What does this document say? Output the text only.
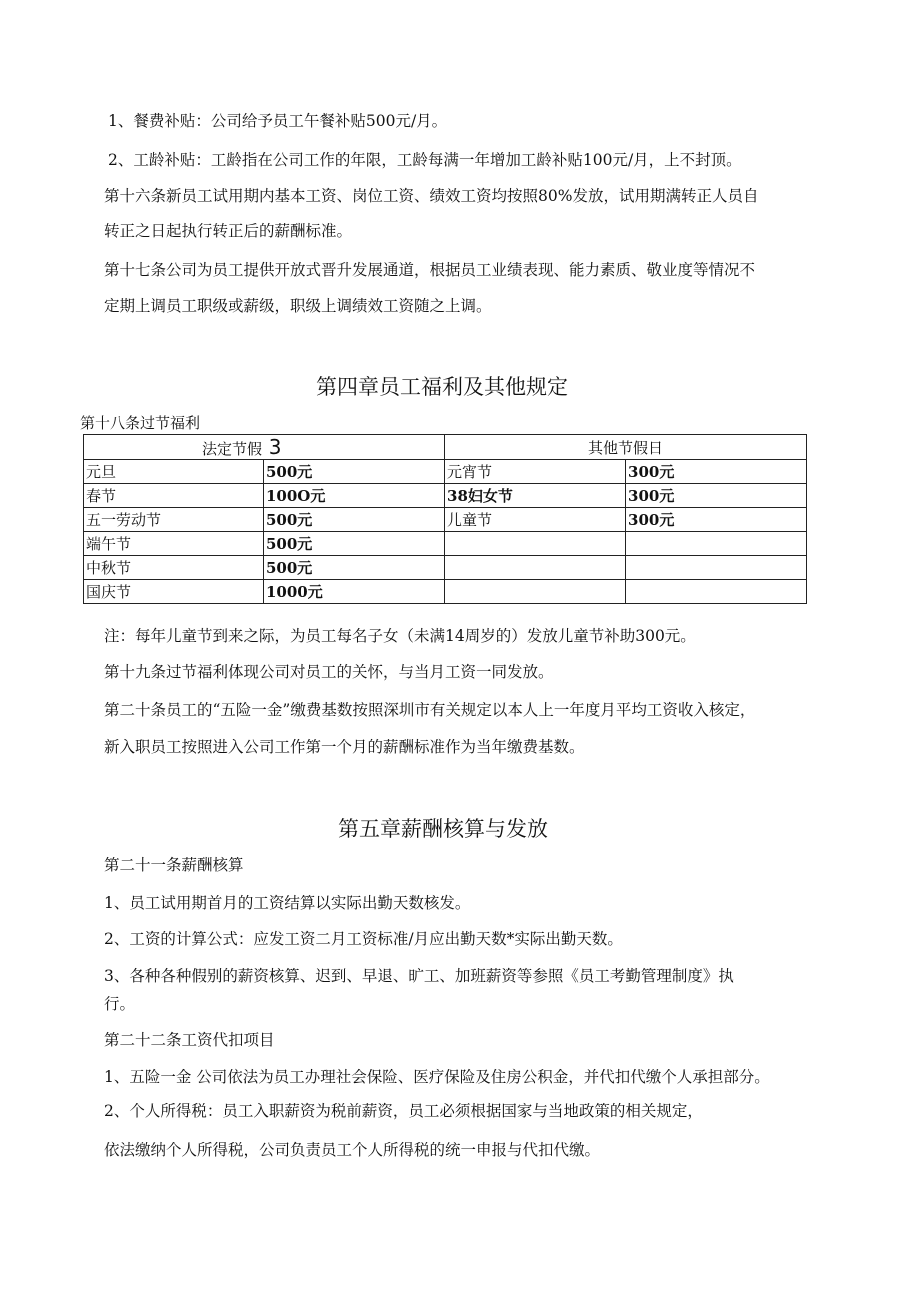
1、餐费补贴：公司给予员工午餐补贴500元/月。
2、工龄补贴：工龄指在公司工作的年限，工龄每满一年增加工龄补贴100元/月，上不封顶。
第十六条新员工试用期内基本工资、岗位工资、绩效工资均按照80%发放，试用期满转正人员自
转正之日起执行转正后的薪酬标准。
第十七条公司为员工提供开放式晋升发展通道，根据员工业绩表现、能力素质、敬业度等情况不
定期上调员工职级或薪级，职级上调绩效工资随之上调。
第四章员工福利及其他规定
第十八条过节福利
法定节假 3		其他节假日	
元旦	500元	元宵节	300元
春节	100O元	38妇女节	300元
五一劳动节	500元	儿童节	300元
端午节	500元		
中秋节	500元		
国庆节	1000元		
注：每年儿童节到来之际，为员工每名子女（未满14周岁的）发放儿童节补助300元。
第十九条过节福利体现公司对员工的关怀，与当月工资一同发放。
第二十条员工的“五险一金”缴费基数按照深圳市有关规定以本人上一年度月平均工资收入核定，
新入职员工按照进入公司工作第一个月的薪酬标准作为当年缴费基数。
第五章薪酬核算与发放
第二十一条薪酬核算
1、员工试用期首月的工资结算以实际出勤天数核发。
2、工资的计算公式：应发工资二月工资标准/月应出勤天数*实际出勤天数。
3、各种各种假别的薪资核算、迟到、早退、旷工、加班薪资等参照《员工考勤管理制度》执
行。
第二十二条工资代扣项目
1、五险一金 公司依法为员工办理社会保险、医疗保险及住房公积金，并代扣代缴个人承担部分。
2、个人所得税：员工入职薪资为税前薪资，员工必须根据国家与当地政策的相关规定，
依法缴纳个人所得税，公司负责员工个人所得税的统一申报与代扣代缴。
